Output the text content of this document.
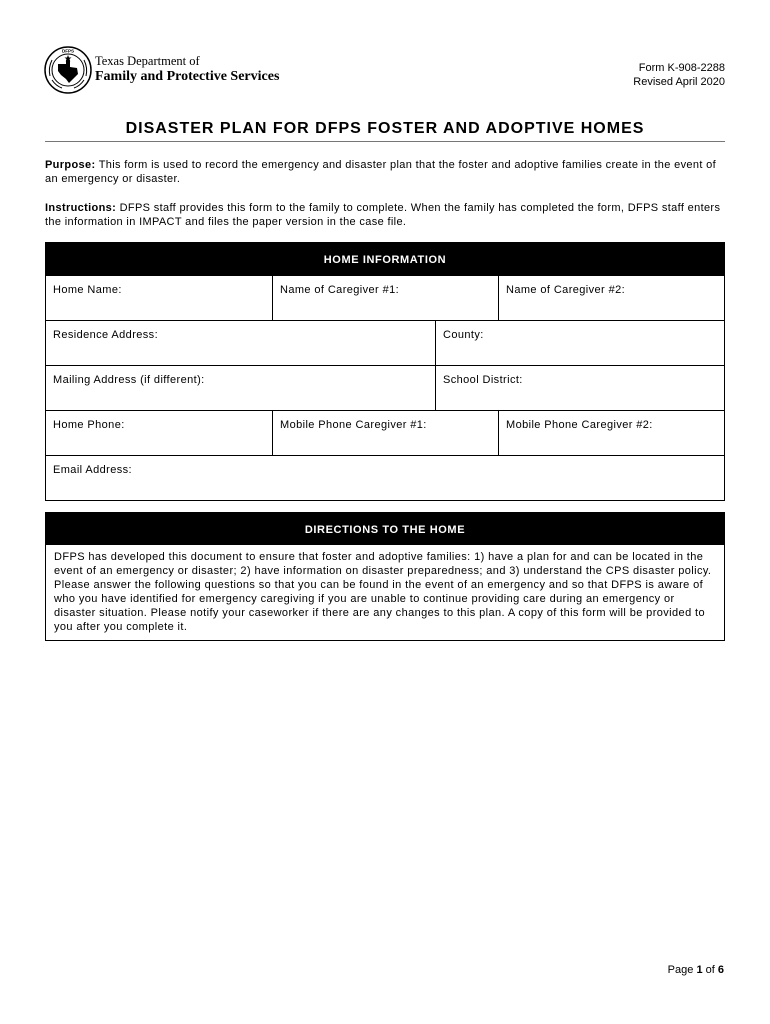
DFPS
Texas Department of
Family and Protective Services
Form K-908-2288
Revised April 2020
DISASTER PLAN FOR DFPS FOSTER AND ADOPTIVE HOMES
Purpose: This form is used to record the emergency and disaster plan that the foster and adoptive families create in the event of an emergency or disaster.
Instructions: DFPS staff provides this form to the family to complete. When the family has completed the form, DFPS staff enters the information in IMPACT and files the paper version in the case file.
HOME INFORMATION
Home Name:	Name of Caregiver #1:	Name of Caregiver #2:
Residence Address:	County:
Mailing Address (if different):	School District:
Home Phone:	Mobile Phone Caregiver #1:	Mobile Phone Caregiver #2:
Email Address:
DIRECTIONS TO THE HOME
DFPS has developed this document to ensure that foster and adoptive families: 1) have a plan for and can be located in the event of an emergency or disaster; 2) have information on disaster preparedness; and 3) understand the CPS disaster policy. Please answer the following questions so that you can be found in the event of an emergency and so that DFPS is aware of who you have identified for emergency caregiving if you are unable to continue providing care during an emergency or disaster situation. Please notify your caseworker if there are any changes to this plan. A copy of this form will be provided to you after you complete it.
Page 1 of 6
